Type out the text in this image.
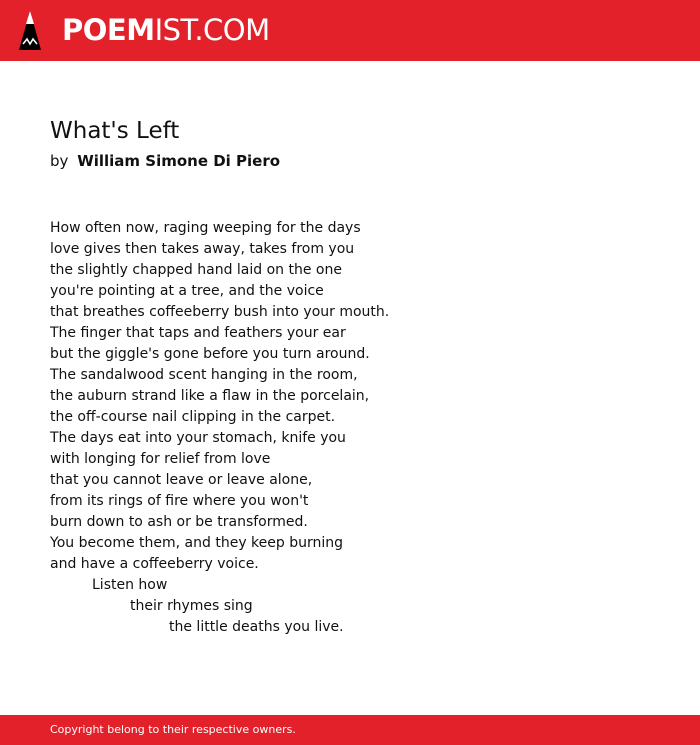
POEMIST.COM
What's Left
by William Simone Di Piero
How often now, raging weeping for the days
love gives then takes away, takes from you
the slightly chapped hand laid on the one
you're pointing at a tree, and the voice
that breathes coffeeberry bush into your mouth.
The finger that taps and feathers your ear
but the giggle's gone before you turn around.
The sandalwood scent hanging in the room,
the auburn strand like a flaw in the porcelain,
the off-course nail clipping in the carpet.
The days eat into your stomach, knife you
with longing for relief from love
that you cannot leave or leave alone,
from its rings of fire where you won't
burn down to ash or be transformed.
You become them, and they keep burning
and have a coffeeberry voice.
Listen how
their rhymes sing
the little deaths you live.
Copyright belong to their respective owners.
